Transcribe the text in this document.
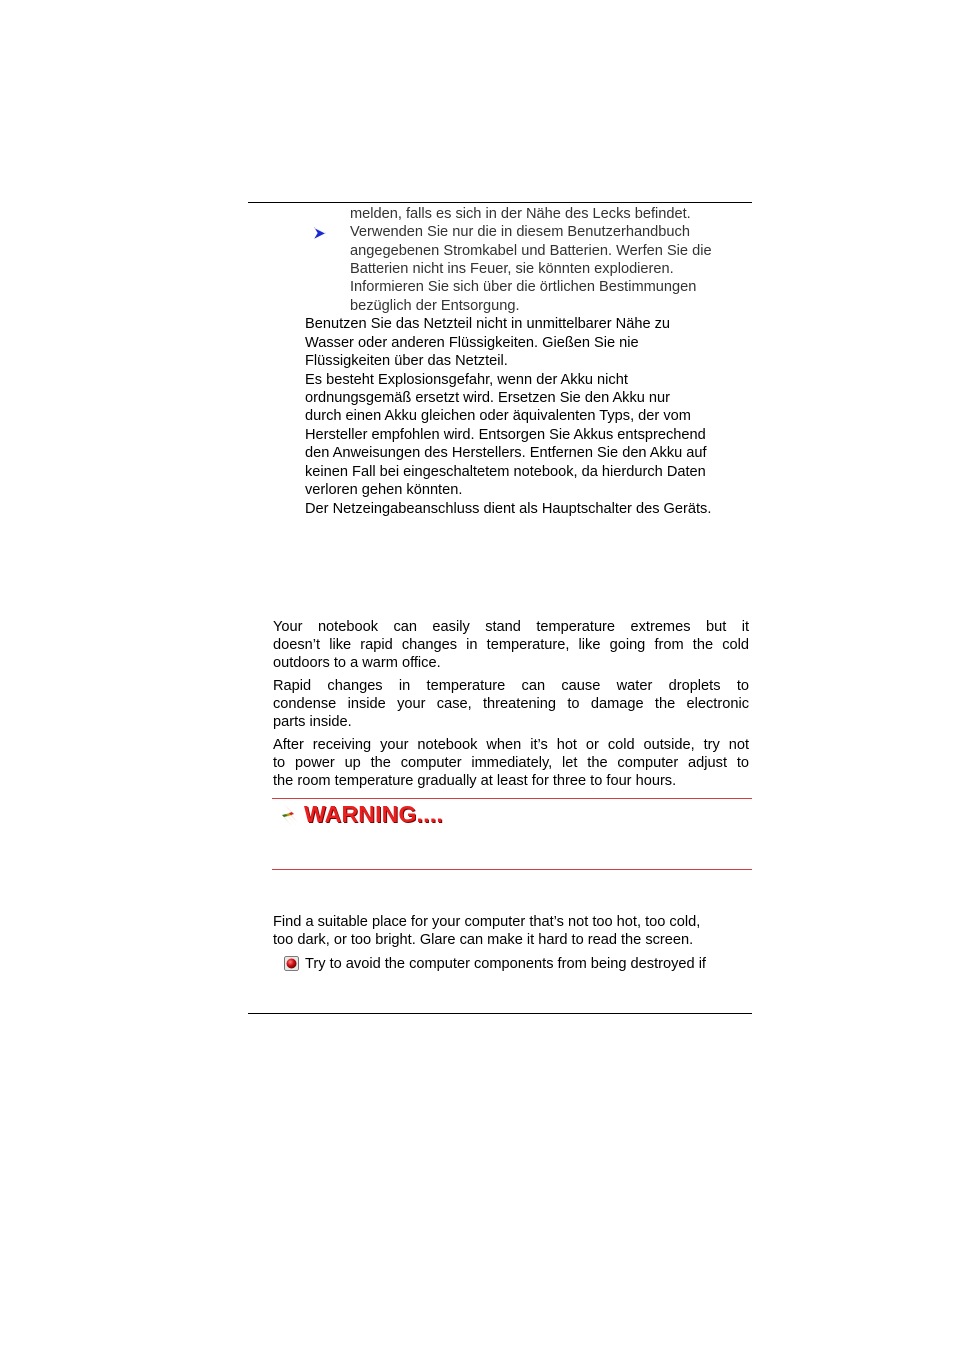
melden, falls es sich in der Nähe des Lecks befindet.
Verwenden Sie nur die in diesem Benutzerhandbuch
angegebenen Stromkabel und Batterien. Werfen Sie die
Batterien nicht ins Feuer, sie könnten explodieren.
Informieren Sie sich über die örtlichen Bestimmungen
bezüglich der Entsorgung.
Benutzen Sie das Netzteil nicht in unmittelbarer Nähe zu
Wasser oder anderen Flüssigkeiten. Gießen Sie nie
Flüssigkeiten über das Netzteil.
Es besteht Explosionsgefahr, wenn der Akku nicht
ordnungsgemäß ersetzt wird. Ersetzen Sie den Akku nur
durch einen Akku gleichen oder äquivalenten Typs, der vom
Hersteller empfohlen wird. Entsorgen Sie Akkus entsprechend
den Anweisungen des Herstellers. Entfernen Sie den Akku auf
keinen Fall bei eingeschaltetem notebook, da hierdurch Daten
verloren gehen könnten.
Der Netzeingabeanschluss dient als Hauptschalter des Geräts.
Your notebook can easily stand temperature extremes but it
doesn’t like rapid changes in temperature, like going from the cold
outdoors to a warm office.
Rapid changes in temperature can cause water droplets to
condense inside your case, threatening to damage the electronic
parts inside.
After receiving your notebook when it’s hot or cold outside, try not
to power up the computer immediately, let the computer adjust to
the room temperature gradually at least for three to four hours.
WARNING....
Find a suitable place for your computer that’s not too hot, too cold,
too dark, or too bright. Glare can make it hard to read the screen.
Try to avoid the computer components from being destroyed if
